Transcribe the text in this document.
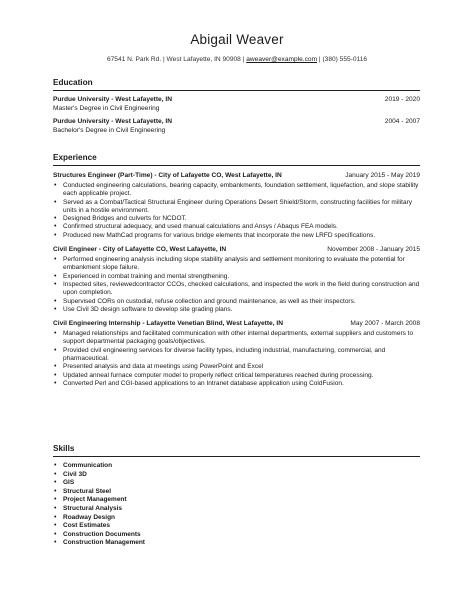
Abigail Weaver
67541 N. Park Rd. | West Lafayette, IN 90908 | aweaver@example.com | (380) 555-0116
Education
Purdue University - West Lafayette, IN	2019 - 2020
Master's Degree in Civil Engineering
Purdue University - West Lafayette, IN	2004 - 2007
Bachelor's Degree in Civil Engineering
Experience
Structures Engineer (Part-Time) - City of Lafayette CO, West Lafayette, IN	January 2015 - May 2019
• Conducted engineering calculations, bearing capacity, embankments, foundation settlement, liquefaction, and slope stability each applicable project.
• Served as a Combat/Tactical Structural Engineer during Operations Desert Shield/Storm, constructing facilities for military units in a hostile environment.
• Designed Bridges and culverts for NCDOT.
• Confirmed structural adequacy, and used manual calculations and Ansys / Abaqus FEA models.
• Produced new MathCad programs for various bridge elements that incorporate the new LRFD specifications.
Civil Engineer - City of Lafayette CO, West Lafayette, IN	November 2008 - January 2015
• Performed engineering analysis including slope stability analysis and settlement monitoring to evaluate the potential for embankment slope failure.
• Experienced in combat training and mental strengthening.
• Inspected sites, reviewedcontractor CCOs, checked calculations, and inspected the work in the field during construction and upon completion.
• Supervised CORs on custodial, refuse collection and ground maintenance, as well as their inspectors.
• Use Civil 3D design software to develop site grading plans.
Civil Engineering Internship - Lafayette Venetian Blind, West Lafayette, IN	May 2007 - March 2008
• Managed relationships and facilitated communication with other internal departments, external suppliers and customers to support departmental packaging goals/objectives.
• Provided civil engineering services for diverse facility types, including industrial, manufacturing, commercial, and pharmaceutical.
• Presented analysis and data at meetings using PowerPoint and Excel
• Updated anneal furnace computer model to properly reflect critical temperatures reached during processing.
• Converted Perl and CGI-based applications to an Intranet database application using ColdFusion.
Skills
• Communication
• Civil 3D
• GIS
• Structural Steel
• Project Management
• Structural Analysis
• Roadway Design
• Cost Estimates
• Construction Documents
• Construction Management
